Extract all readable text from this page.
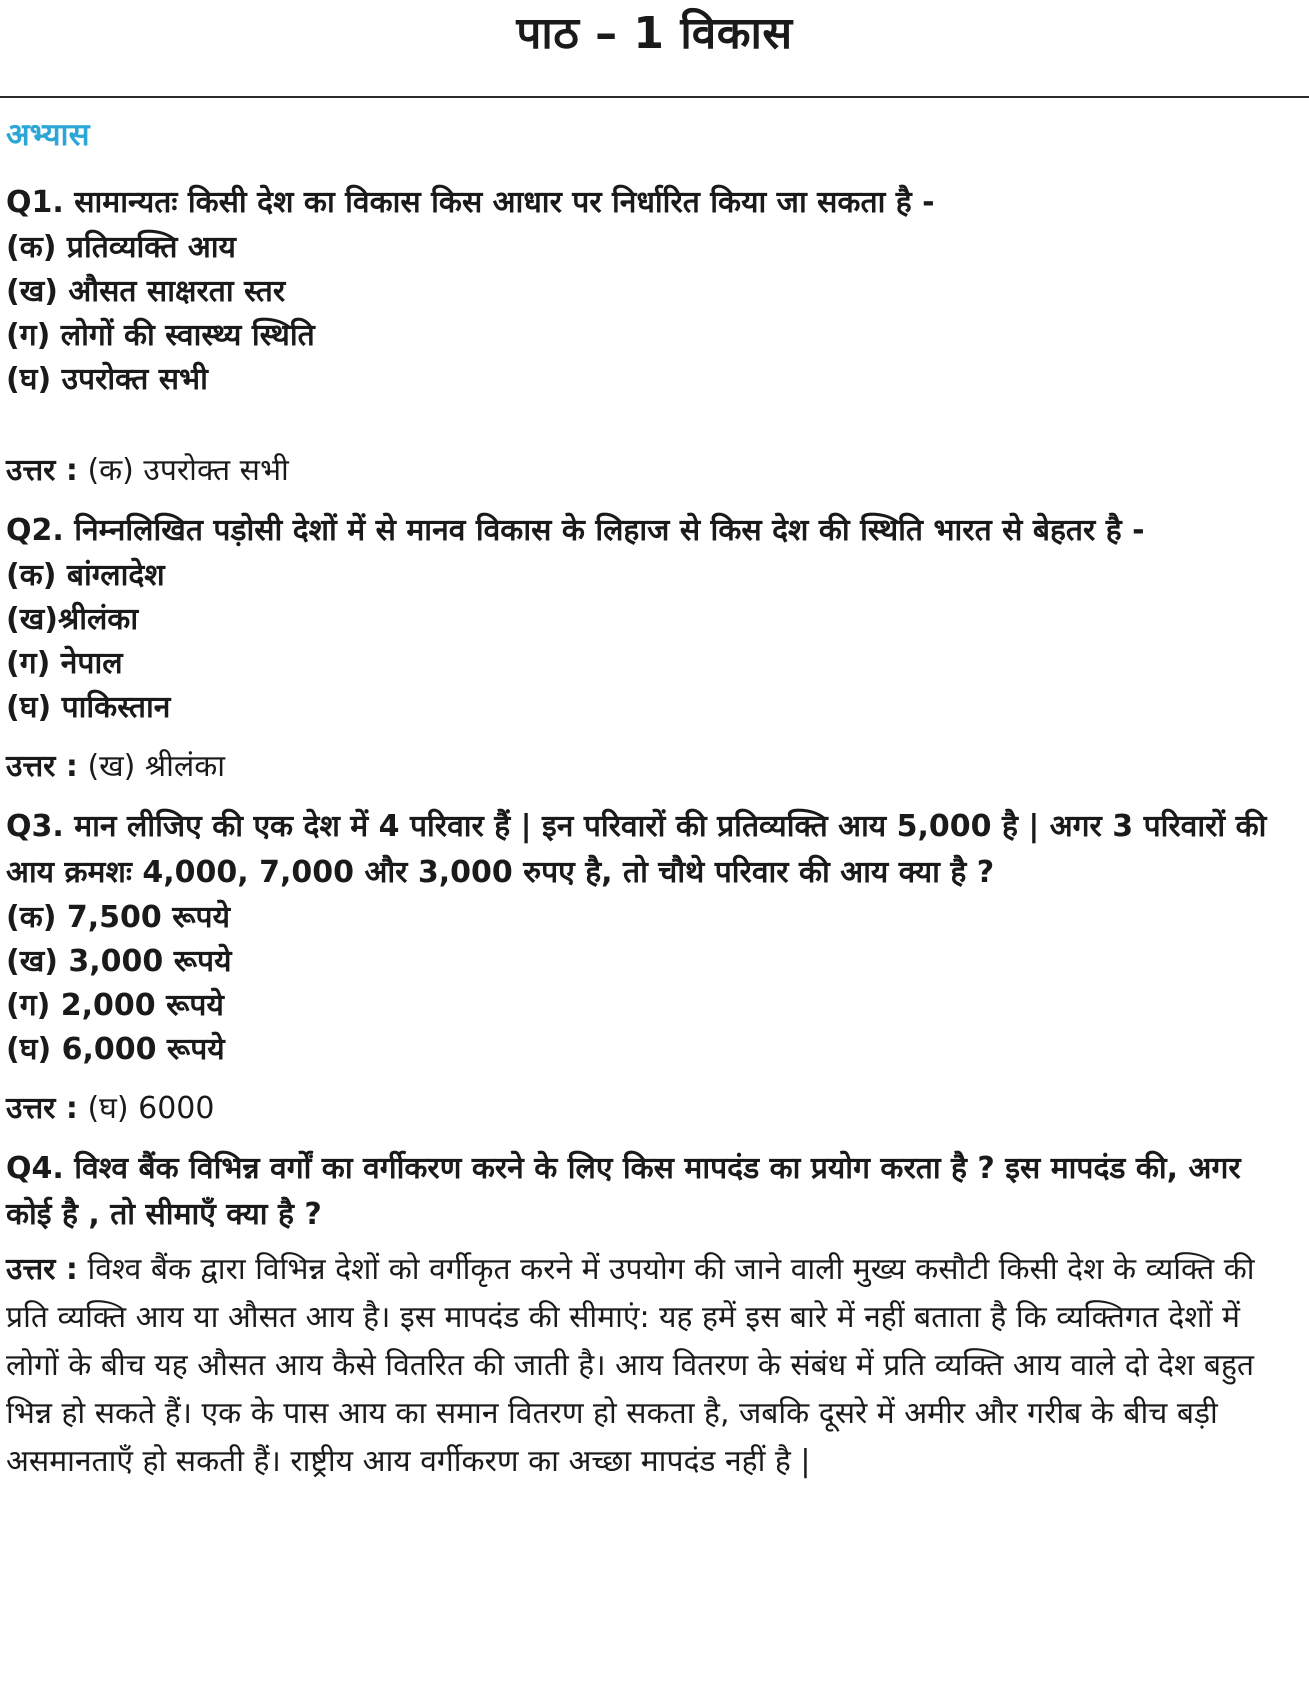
पाठ – 1 विकास
अभ्यास

Q1. सामान्यतः किसी देश का विकास किस आधार पर निर्धारित किया जा सकता है -

(क) प्रतिव्यक्ति आय

(ख) औसत साक्षरता स्तर

(ग) लोगों की स्वास्थ्य स्थिति

(घ) उपरोक्त सभी

उत्तर : (क) उपरोक्त सभी

Q2. निम्नलिखित पड़ोसी देशों में से मानव विकास के लिहाज से किस देश की स्थिति भारत से बेहतर है -

(क) बांग्लादेश

(ख)श्रीलंका

(ग) नेपाल

(घ) पाकिस्तान

उत्तर : (ख) श्रीलंका

Q3. मान लीजिए की एक देश में 4 परिवार हैं | इन परिवारों की प्रतिव्यक्ति आय 5,000 है | अगर 3 परिवारों की आय क्रमशः 4,000, 7,000 और 3,000 रुपए है, तो चौथे परिवार की आय क्या है ?

(क) 7,500 रूपये

(ख) 3,000 रूपये

(ग) 2,000 रूपये

(घ) 6,000 रूपये

उत्तर : (घ) 6000

Q4. विश्व बैंक विभिन्न वर्गों का वर्गीकरण करने के लिए किस मापदंड का प्रयोग करता है ? इस मापदंड की, अगर कोई है , तो सीमाएँ क्या है ?

उत्तर : विश्व बैंक द्वारा विभिन्न देशों को वर्गीकृत करने में उपयोग की जाने वाली मुख्य कसौटी किसी देश के व्यक्ति की प्रति व्यक्ति आय या औसत आय है। इस मापदंड की सीमाएं: यह हमें इस बारे में नहीं बताता है कि व्यक्तिगत देशों में लोगों के बीच यह औसत आय कैसे वितरित की जाती है। आय वितरण के संबंध में प्रति व्यक्ति आय वाले दो देश बहुत भिन्न हो सकते हैं। एक के पास आय का समान वितरण हो सकता है, जबकि दूसरे में अमीर और गरीब के बीच बड़ी असमानताएँ हो सकती हैं। राष्ट्रीय आय वर्गीकरण का अच्छा मापदंड नहीं है |
